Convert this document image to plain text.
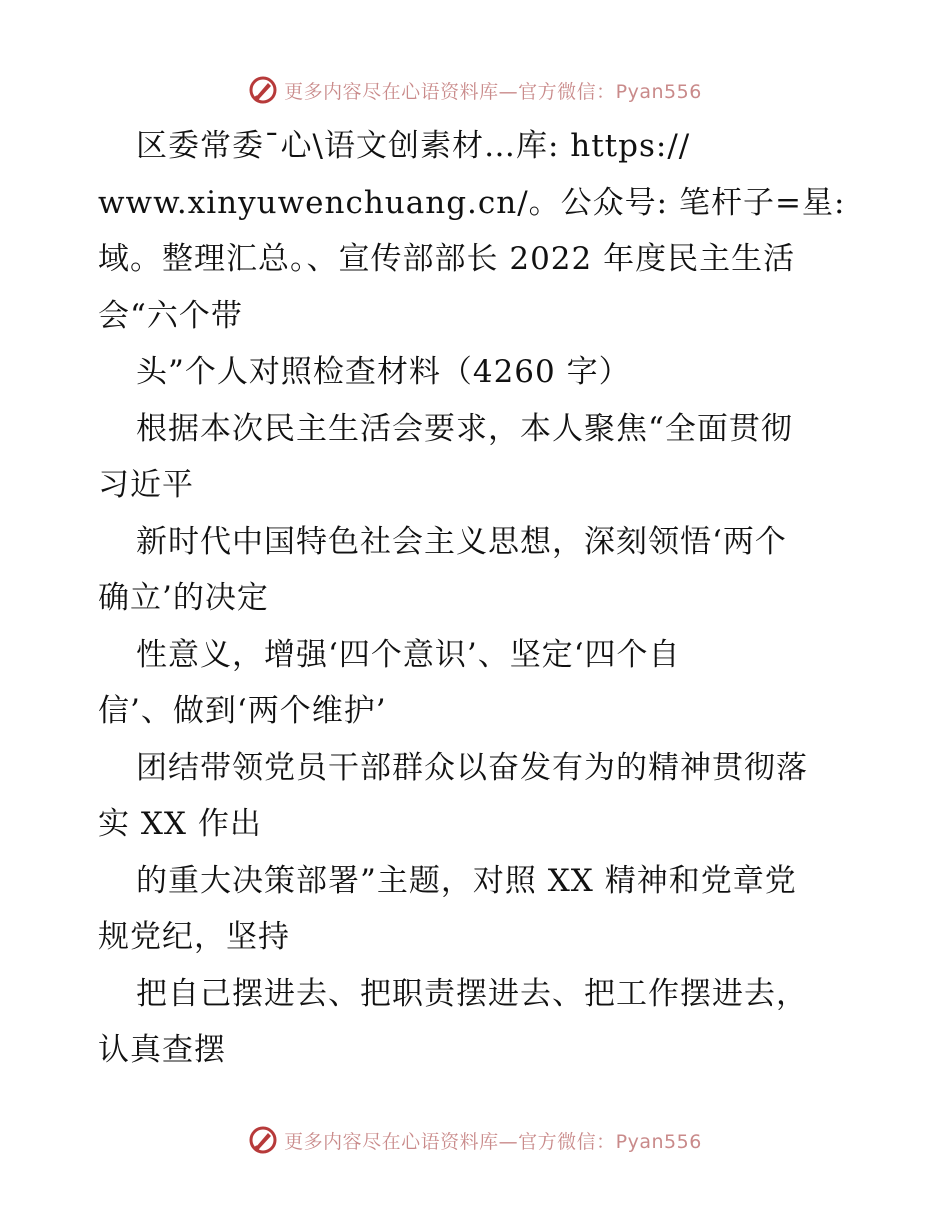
更多内容尽在心语资料库—官方微信：Pyan556
区委常委¯心\语文创素材…库: https://
www.xinyuwenchuang.cn/。公众号: 笔杆子=星:
域。整理汇总。、宣传部部长 2022 年度民主生活
会“六个带
头”个人对照检查材料（4260 字）
根据本次民主生活会要求，本人聚焦“全面贯彻
习近平
新时代中国特色社会主义思想，深刻领悟‘两个
确立’的决定
性意义，增强‘四个意识’、坚定‘四个自
信’、做到‘两个维护’
团结带领党员干部群众以奋发有为的精神贯彻落
实 XX 作出
的重大决策部署”主题，对照 XX 精神和党章党
规党纪，坚持
把自己摆进去、把职责摆进去、把工作摆进去，
认真查摆
更多内容尽在心语资料库—官方微信：Pyan556
